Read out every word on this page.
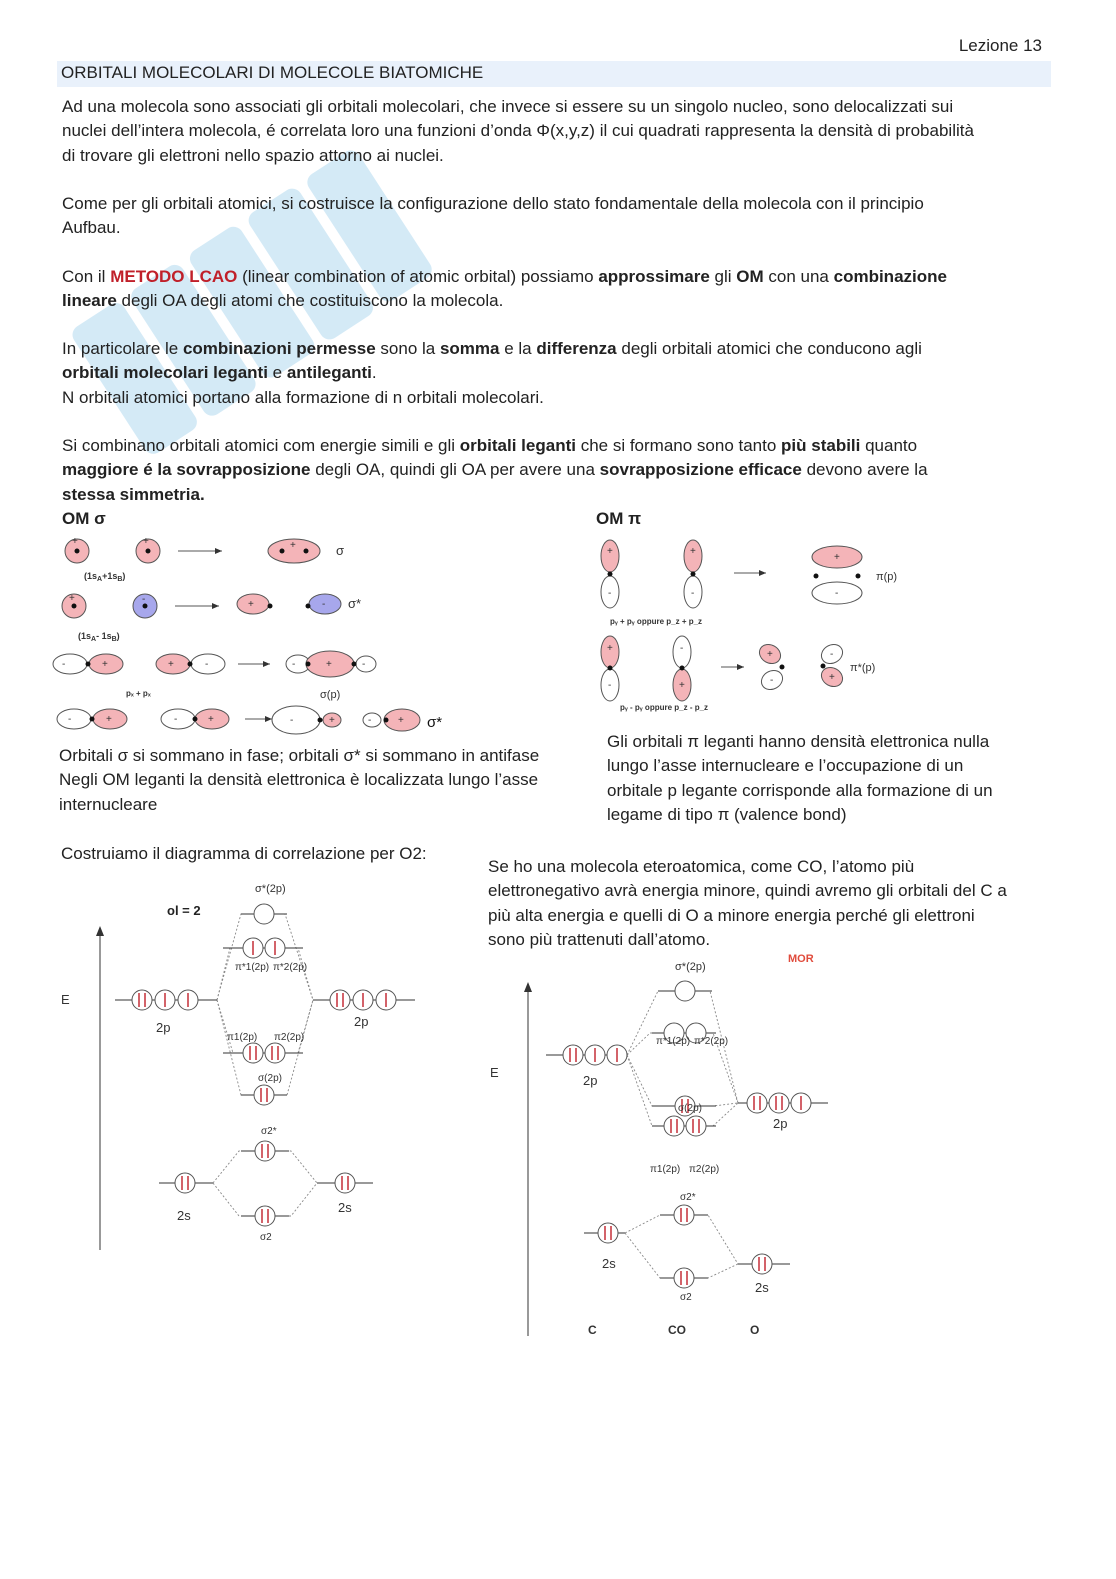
Lezione 13
ORBITALI MOLECOLARI DI MOLECOLE BIATOMICHE
Ad una molecola sono associati gli orbitali molecolari, che invece si essere su un singolo nucleo, sono delocalizzati sui
nuclei dell’intera molecola, é correlata loro una funzioni d’onda Φ(x,y,z) il cui quadrati rappresenta la densità di probabilità
di trovare gli elettroni nello spazio attorno ai nuclei.
Come per gli orbitali atomici, si costruisce la configurazione dello stato fondamentale della molecola con il principio
Aufbau.
Con il METODO LCAO (linear combination of atomic orbital) possiamo approssimare gli OM con una combinazione
lineare degli OA degli atomi che costituiscono la molecola.
In particolare le combinazioni permesse sono la somma e la differenza degli orbitali atomici che conducono agli
orbitali molecolari leganti e antileganti.
N orbitali atomici portano alla formazione di n orbitali molecolari.
Si combinano orbitali atomici com energie simili e gli orbitali leganti che si formano sono tanto più stabili quanto
maggiore é la sovrapposizione degli OA, quindi gli OA per avere una sovrapposizione efficace devono avere la
stessa simmetria.
OM σ	OM π
+	+	+
+	-	+	-
-	+	+	-	-	+	-
-	+	-	+	-	+	-	+
σ
$(1s_A+1s_B)$
σ*
($1s_A-$ $1s_B$)
pₓ + pₓ	σ(p)
σ*
+
-
+
-
+
-
+
-
-
+
+
-
-
+
π(p)
pᵧ + pᵧ oppure p_z + p_z
π*(p)
pᵧ - pᵧ oppure p_z - p_z
Orbitali σ si sommano in fase; orbitali σ* si sommano in antifase
Negli OM leganti la densità elettronica è localizzata lungo l’asse
internucleare
Gli orbitali π leganti hanno densità elettronica nulla
lungo l’asse internucleare e l’occupazione di un
orbitale p legante corrisponde alla formazione di un
legame di tipo π (valence bond)
Costruiamo il diagramma di correlazione per O2:
Se ho una molecola eteroatomica, come CO, l’atomo più
elettronegativo avrà energia minore, quindi avremo gli orbitali del C a
più alta energia e quelli di O a minore energia perché gli elettroni
sono più trattenuti dall’atomo.
E
ol = 2
σ*(2p)
π*1(2p) π*2(2p)
2p	2p
π1(2p) π2(2p)
σ(2p)
σ2*
2s
2s
σ2
MOR
E
σ*(2p)
π*1(2p) π*2(2p)
2p
σ(2p)
2p
π1(2p) π2(2p)
σ2*
2s
σ2
2s
C	CO	O
